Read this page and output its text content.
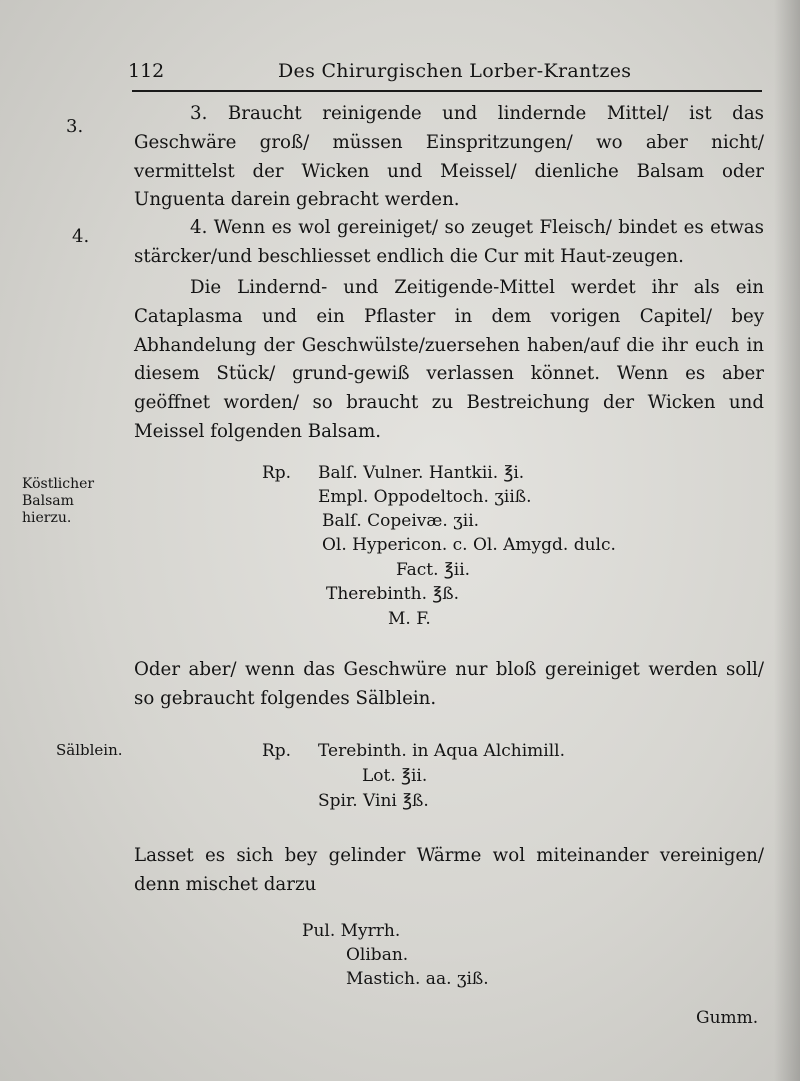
112	Des Chirurgischen Lorber-Krantzes
3.
4.
Köstlicher Balsam hierzu.
Sälblein.

3. Braucht reinigende und lindernde Mittel/ ist das Geschwäre groß/ müssen Einspritzungen/ wo aber nicht/ vermittelst der Wicken und Meissel/ dienliche Balsam oder Unguenta darein gebracht werden.

4. Wenn es wol gereiniget/ so zeuget Fleisch/ bindet es etwas stärcker/und beschliesset endlich die Cur mit Haut-zeugen.

Die Lindernd- und Zeitigende-Mittel werdet ihr als ein Cataplasma und ein Pflaster in dem vorigen Capitel/ bey Abhandelung der Geschwülste/zuersehen haben/auf die ihr euch in diesem Stück/ grund-gewiß verlassen könnet. Wenn es aber geöffnet worden/ so braucht zu Bestreichung der Wicken und Meissel folgenden Balsam.

Rp. Balſ. Vulner. Hantkii. ℥i.
Empl. Oppodeltoch. ʒiiß.
Balſ. Copeivæ. ʒii.
Ol. Hypericon. c. Ol. Amygd. dulc.
Fact. ℥ii.
Therebinth. ℥ß.
M. F.

Oder aber/ wenn das Geschwüre nur bloß gereiniget werden soll/ so gebraucht folgendes Sälblein.

Rp. Terebinth. in Aqua Alchimill.
Lot. ℥ii.
Spir. Vini ℥ß.

Lasset es sich bey gelinder Wärme wol miteinander vereinigen/ denn mischet darzu

Pul. Myrrh.
Oliban.
Mastich. aa. ʒiß.
Gumm.
